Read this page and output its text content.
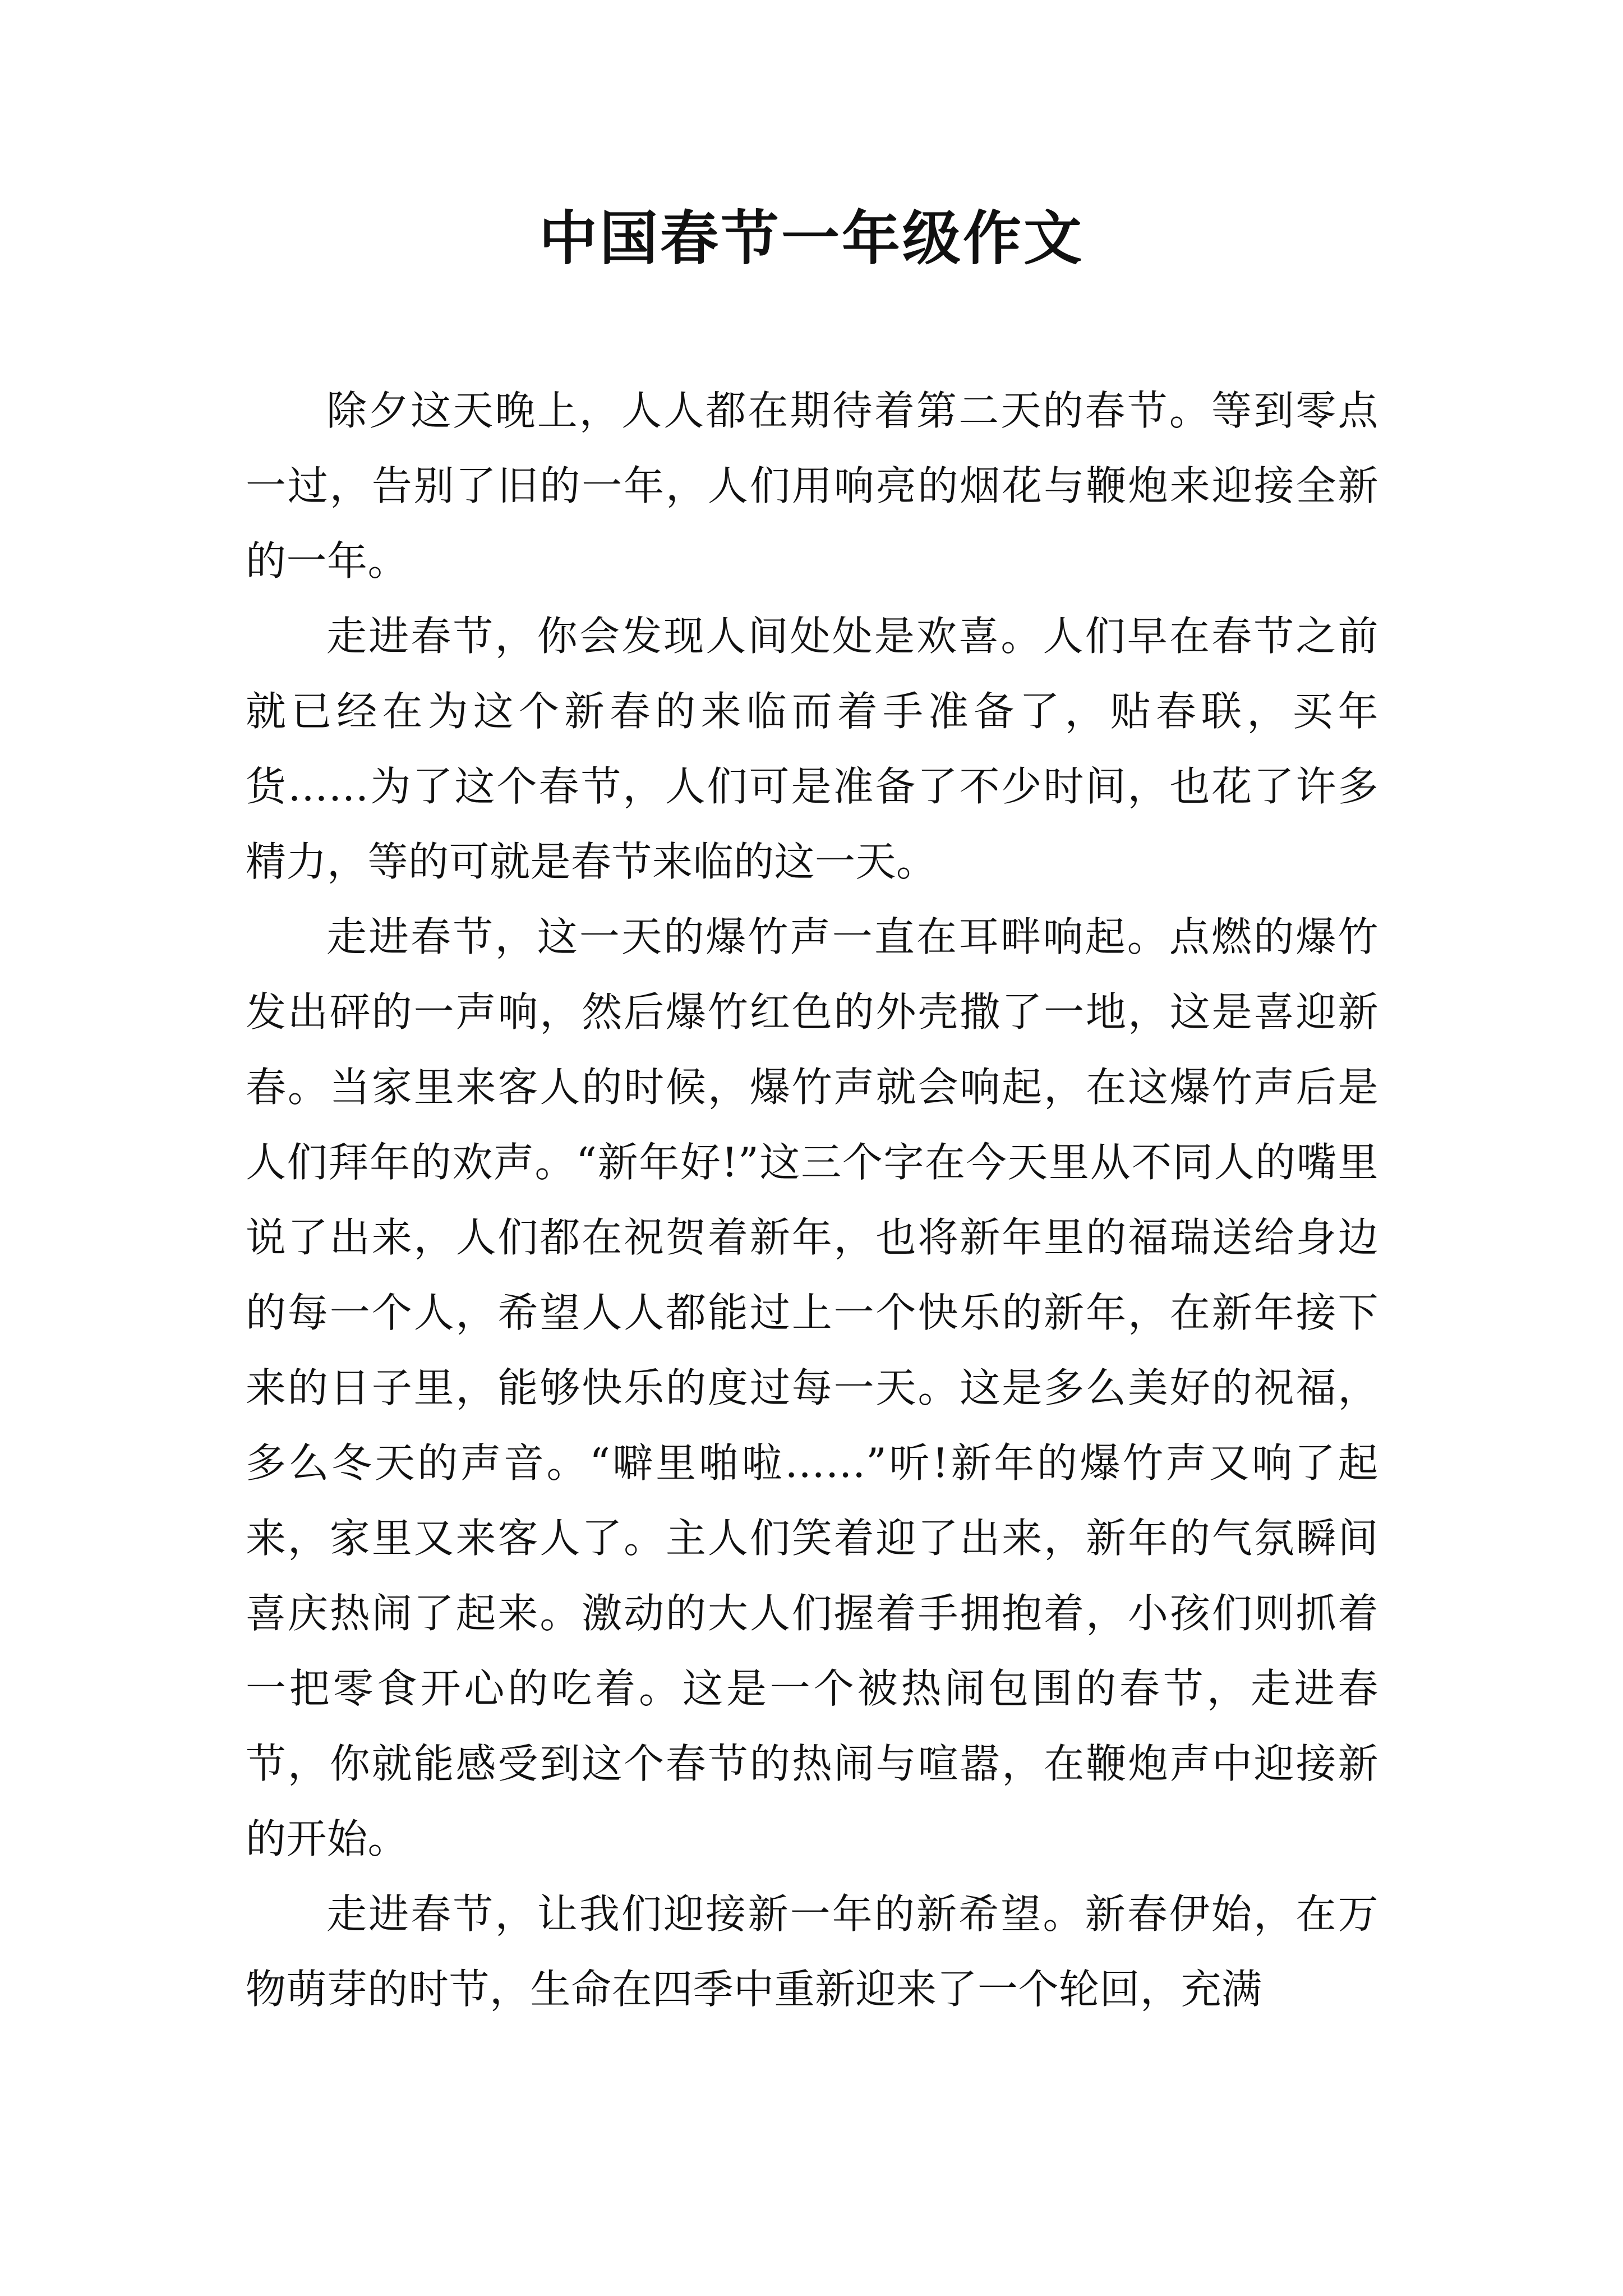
中国春节一年级作文

除夕这天晚上，人人都在期待着第二天的春节。等到零点一过，告别了旧的一年，人们用响亮的烟花与鞭炮来迎接全新的一年。

走进春节，你会发现人间处处是欢喜。人们早在春节之前就已经在为这个新春的来临而着手准备了，贴春联，买年货……为了这个春节，人们可是准备了不少时间，也花了许多精力，等的可就是春节来临的这一天。

走进春节，这一天的爆竹声一直在耳畔响起。点燃的爆竹发出砰的一声响，然后爆竹红色的外壳撒了一地，这是喜迎新春。当家里来客人的时候，爆竹声就会响起，在这爆竹声后是人们拜年的欢声。“新年好!”这三个字在今天里从不同人的嘴里说了出来，人们都在祝贺着新年，也将新年里的福瑞送给身边的每一个人，希望人人都能过上一个快乐的新年，在新年接下来的日子里，能够快乐的度过每一天。这是多么美好的祝福，多么冬天的声音。“噼里啪啦……”听!新年的爆竹声又响了起来，家里又来客人了。主人们笑着迎了出来，新年的气氛瞬间喜庆热闹了起来。激动的大人们握着手拥抱着，小孩们则抓着一把零食开心的吃着。这是一个被热闹包围的春节，走进春节，你就能感受到这个春节的热闹与喧嚣，在鞭炮声中迎接新的开始。

走进春节，让我们迎接新一年的新希望。新春伊始，在万物萌芽的时节，生命在四季中重新迎来了一个轮回，充满
